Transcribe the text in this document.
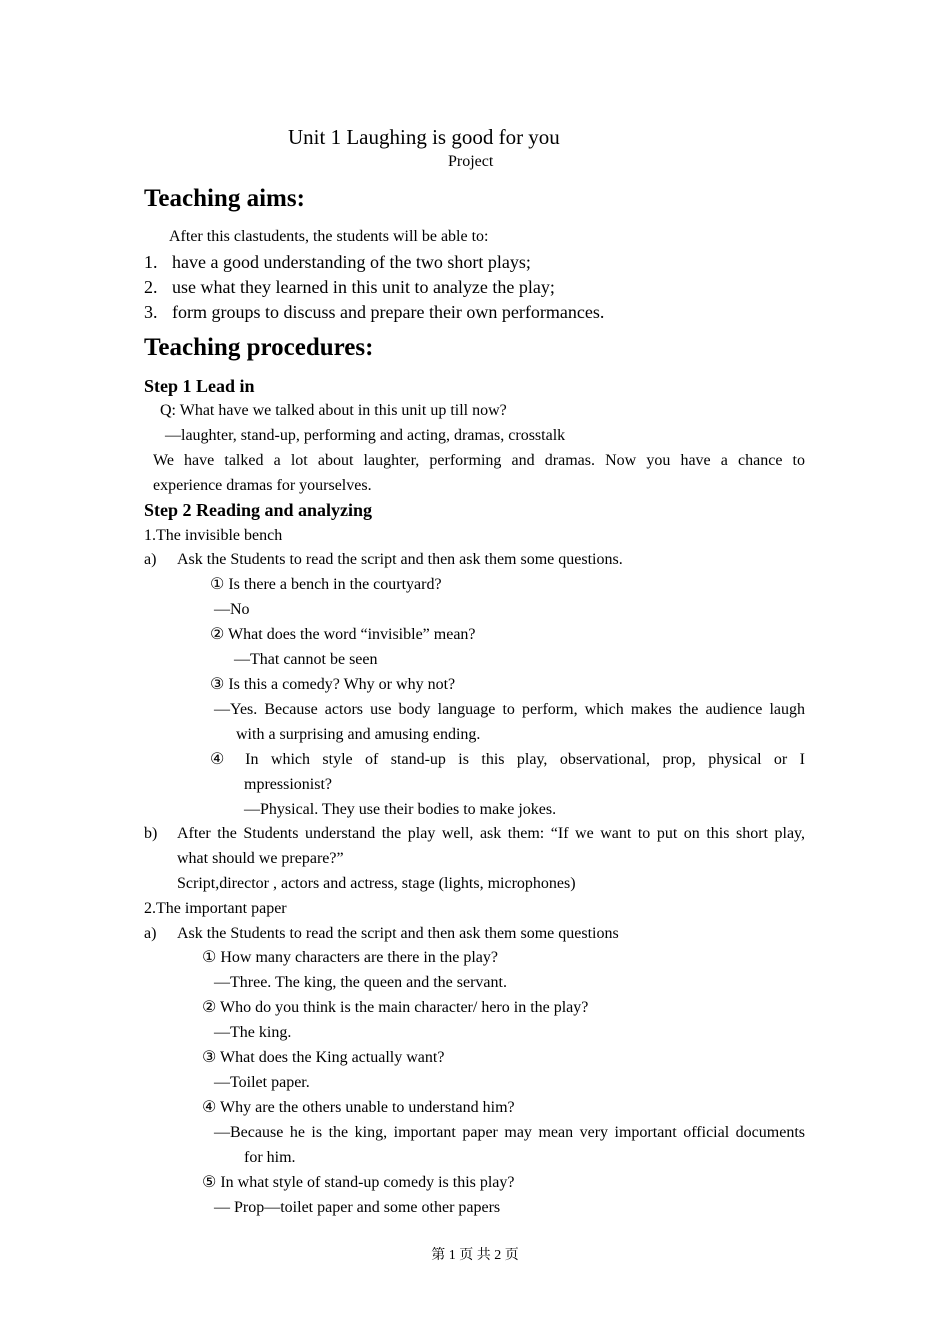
Unit 1 Laughing is good for you
Project
Teaching aims:
After this clastudents, the students will be able to:
1. have a good understanding of the two short plays;
2. use what they learned in this unit to analyze the play;
3. form groups to discuss and prepare their own performances.
Teaching procedures:
Step 1 Lead in
Q: What have we talked about in this unit up till now?
—laughter, stand-up, performing and acting, dramas, crosstalk
We have talked a lot about laughter, performing and dramas. Now you have a chance to
experience dramas for yourselves.
Step 2 Reading and analyzing
1.The invisible bench
a) Ask the Students to read the script and then ask them some questions.
① Is there a bench in the courtyard?
—No
② What does the word “invisible” mean?
—That cannot be seen
③ Is this a comedy? Why or why not?
—Yes. Because actors use body language to perform, which makes the audience laugh
with a surprising and amusing ending.
④ In which style of stand-up is this play, observational, prop, physical or I
mpressionist?
—Physical. They use their bodies to make jokes.
b) After the Students understand the play well, ask them: “If we want to put on this short play,
what should we prepare?”
Script,director , actors and actress, stage (lights, microphones)
2.The important paper
a) Ask the Students to read the script and then ask them some questions
① How many characters are there in the play?
—Three. The king, the queen and the servant.
② Who do you think is the main character/ hero in the play?
—The king.
③ What does the King actually want?
—Toilet paper.
④ Why are the others unable to understand him?
—Because he is the king, important paper may mean very important official documents
for him.
⑤ In what style of stand-up comedy is this play?
— Prop—toilet paper and some other papers
第 1 页 共 2 页
